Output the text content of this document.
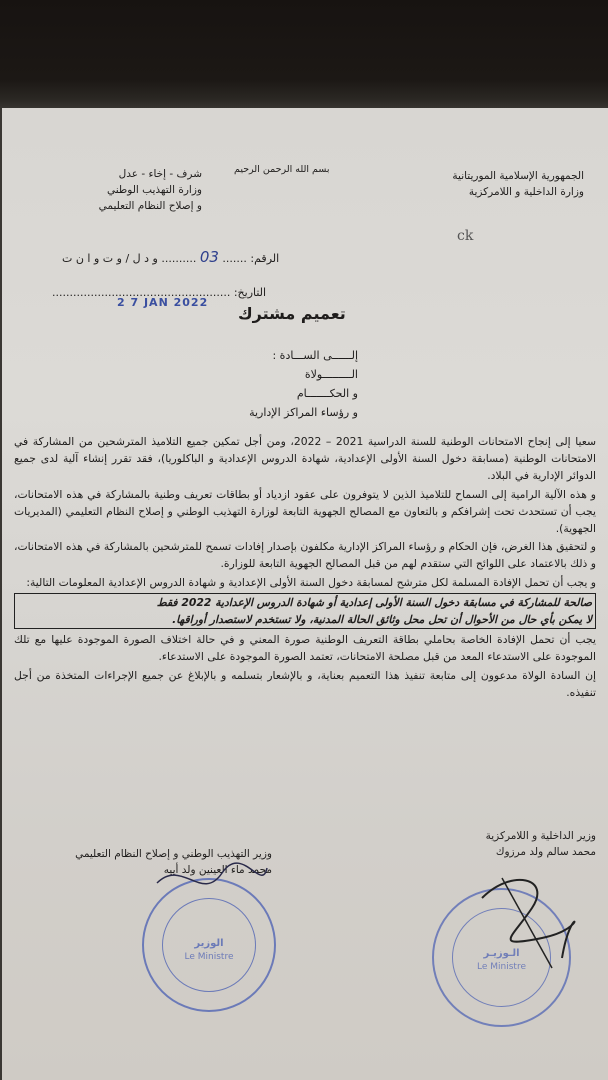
الجمهورية الإسلامية الموريتانية
وزارة الداخلية و اللامركزية
بسم الله الرحمن الرحيم
شرف - إخاء - عدل
وزارة التهذيب الوطني
و إصلاح النظام التعليمي
ck
الرقم: ....... 03 .......... و د ل / و ت و ا ن ت
التاريخ: ...................................................
2 7 JAN 2022
تعميم مشترك
إلــــــى الســـادة :
الـــــــــولاة
و الحكـــــــام
و رؤساء المراكز الإدارية

سعيا إلى إنجاح الامتحانات الوطنية للسنة الدراسية 2021 – 2022، ومن أجل تمكين جميع التلاميذ المترشحين من المشاركة في الامتحانات الوطنية (مسابقة دخول السنة الأولى الإعدادية، شهادة الدروس الإعدادية و الباكلوريا)، فقد تقرر إنشاء آلية لدى جميع الدوائر الإدارية في البلاد.

و هذه الآلية الرامية إلى السماح للتلاميذ الذين لا يتوفرون على عقود ازدياد أو بطاقات تعريف وطنية بالمشاركة في هذه الامتحانات، يجب أن تستحدث تحت إشرافكم و بالتعاون مع المصالح الجهوية التابعة لوزارة التهذيب الوطني و إصلاح النظام التعليمي (المديريات الجهوية).

و لتحقيق هذا الغرض، فإن الحكام و رؤساء المراكز الإدارية مكلفون بإصدار إفادات تسمح للمترشحين بالمشاركة في هذه الامتحانات، و ذلك بالاعتماد على اللوائح التي ستقدم لهم من قبل المصالح الجهوية التابعة للوزارة.

و يجب أن تحمل الإفادة المسلمة لكل مترشح لمسابقة دخول السنة الأولى الإعدادية و شهادة الدروس الإعدادية المعلومات التالية:

صالحة للمشاركة في مسابقة دخول السنة الأولى إعدادية أو شهادة الدروس الإعدادية 2022 فقط
لا يمكن بأي حال من الأحوال أن تحل محل وثائق الحالة المدنية، ولا تستخدم لاستصدار أوراقها.

يجب أن تحمل الإفادة الخاصة بحاملي بطاقة التعريف الوطنية صورة المعني و في حالة اختلاف الصورة الموجودة عليها مع تلك الموجودة على الاستدعاء المعد من قبل مصلحة الامتحانات، تعتمد الصورة الموجودة على الاستدعاء.

إن السادة الولاة مدعوون إلى متابعة تنفيذ هذا التعميم بعناية، و بالإشعار بتسلمه و بالإبلاغ عن جميع الإجراءات المتخذة من أجل تنفيذه.

وزير الداخلية و اللامركزية
محمد سالم ولد مرزوك
وزير التهذيب الوطني و إصلاح النظام التعليمي
محمد ماء العينين ولد أييه
الوزير
Le Ministre	الـوزيـر
Le Ministre
